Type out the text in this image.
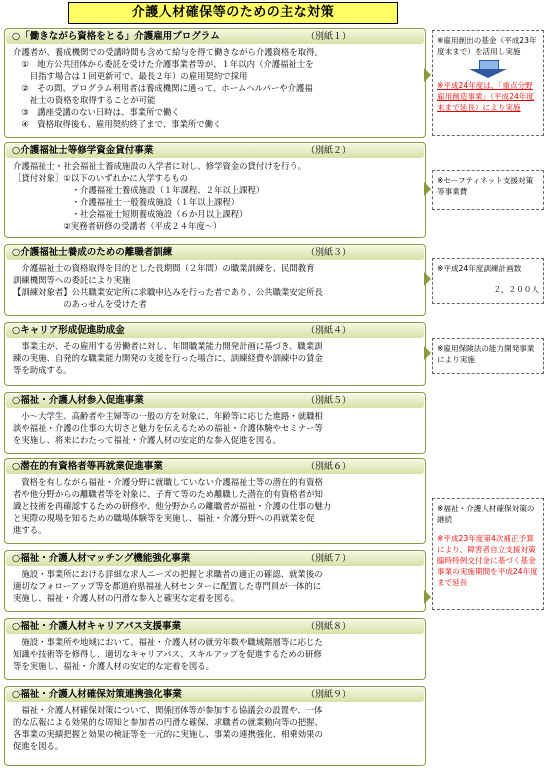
介護人材確保等のための主な対策
○「働きながら資格をとる」介護雇用プログラム	（別紙１）

介護者が、養成機関での受講時間も含めて給与を得て働きながら介護資格を取得。

　①　地方公共団体から委託を受けた介護事業者等が、１年以内（介護福祉士を

　　目指す場合は１回更新可で、最長２年）の雇用契約で採用

　②　その間、プログラム利用者は養成機関に通って、ホームヘルパーや介護福

　　祉士の資格を取得することが可能

　③　講座受講のない日時は、事業所で働く

　④　資格取得後も、雇用契約終了まで、事業所で働く

○介護福祉士等修学資金貸付事業	（別紙２）

介護福祉士・社会福祉士養成施設の入学者に対し、修学資金の貸付けを行う。

［貸付対象］①以下のいずれかに入学するもの

　　　　　　　・介護福祉士養成施設（１年課程、２年以上課程）

　　　　　　　・介護福祉士一般養成施設（１年以上課程）

　　　　　　　・社会福祉士短期養成施設（６か月以上課程）

　　　　　　②実務者研修の受講者（平成２４年度～）

○介護福祉士養成のための離職者訓練	（別紙３）

　介護福祉士の資格取得を目的とした長期間（２年間）の職業訓練を、民間教育

訓練機関等への委託により実施

【訓練対象者】公共職業安定所に求職申込みを行った者であり、公共職業安定所長

　　　　　　のあっせんを受けた者

○キャリア形成促進助成金	（別紙４）

　事業主が、その雇用する労働者に対し、年間職業能力開発計画に基づき、職業訓

練の実施、自発的な職業能力開発の支援を行った場合に、訓練経費や訓練中の賃金

等を助成する。

○福祉・介護人材参入促進事業	（別紙５）

　小～大学生、高齢者や主婦等の一般の方を対象に、年齢等に応じた進路・就職相

談や福祉・介護の仕事の大切さと魅力を伝えるための福祉・介護体験やセミナー等

を実施し、将来にわたって福祉・介護人材の安定的な参入促進を図る。

○潜在的有資格者等再就業促進事業	（別紙６）

　資格を有しながら福祉・介護分野に就職していない介護福祉士等の潜在的有資格

者や他分野からの離職者等を対象に、子育て等のため離職した潜在的有資格者が知

識と技術を再確認するための研修や、他分野からの離職者が福祉・介護の仕事の魅力

と実際の現場を知るための職場体験等を実施し、福祉・介護分野への再就業を促

進する。

○福祉・介護人材マッチング機能強化事業	（別紙７）

　施設・事業所における詳細な求人ニーズの把握と求職者の適正の確認、就業後の

適切なフォローアップ等を都道府県福祉人材センターに配置した専門員が一体的に

実施し、福祉・介護人材の円滑な参入と確実な定着を図る。

○福祉・介護人材キャリアパス支援事業	（別紙８）

　施設・事業所や地域において、福祉・介護人材の就労年数や職域階層等に応じた

知識や技術等を修得し、適切なキャリアパス、スキルアップを促進するための研修

等を実施し、福祉・介護人材の安定的な定着を図る。

○福祉・介護人材確保対策連携強化事業	（別紙９）

　福祉・介護人材確保対策について、関係団体等が参加する協議会の設置や、一体

的な広報による効果的な周知と参加者の円滑な確保、求職者の就業動向等の把握、

各事業の実績把握と効果の検証等を一元的に実施し、事業の連携強化、相乗効果の

促進を図る。

※雇用創出の基金（平成23年度末まで）を活用し実施

※平成24年度は、「重点分野雇用創造事業」（平成24年度末まで延長）により実施

※セーフティネット支援対策等事業費

※平成24年度訓練計画数

２，２００人

※雇用保険法の能力開発事業により実施

※福祉・介護人材確保対策の継続

※平成23年度第4次補正予算により、障害者自立支援対策臨時特例交付金に基づく基金事業の実施期間を平成24年度まで延長
